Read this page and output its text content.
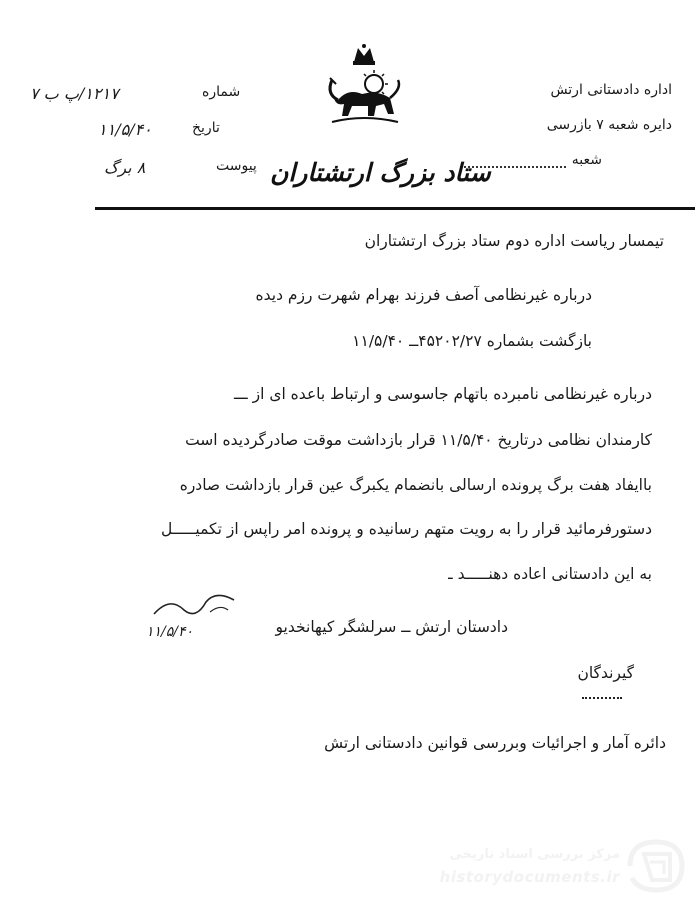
اداره دادستانی ارتش
دایره شعبه ۷ بازرسی
شعبه
۱۲۱۷/پ ب ۷	شماره
۱۱/۵/۴۰	تاریخ
۸ برگ	پیوست ستاد بزرگ ارتشتاران
تیمسار ریاست اداره دوم ستاد بزرگ ارتشتاران
درباره غیرنظامی آصف فرزند بهرام شهرت رزم دیده
بازگشت بشماره ۴۵۲۰۲/۲۷ــ ۱۱/۵/۴۰
درباره غیرنظامی نامبرده باتهام جاسوسی و ارتباط باعده ای از ـــ
کارمندان نظامی درتاریخ ۱۱/۵/۴۰ قرار بازداشت موقت صادرگردیده است
باایفاد هفت برگ پرونده ارسالی بانضمام یکبرگ عین قرار بازداشت صادره
دستورفرمائید قرار را به رویت متهم رسانیده و پرونده امر راپس از تکمیـــــل
به این دادستانی اعاده دهنـــــد ـ
۱۱/۵/۴۰	دادستان ارتش ــ سرلشگر کیهانخدیو
گیرندگان
دائره آمار و اجرائیات وبررسی قوانین دادستانی ارتش
مرکز بررسی اسناد تاریخی
historydocuments.ir
